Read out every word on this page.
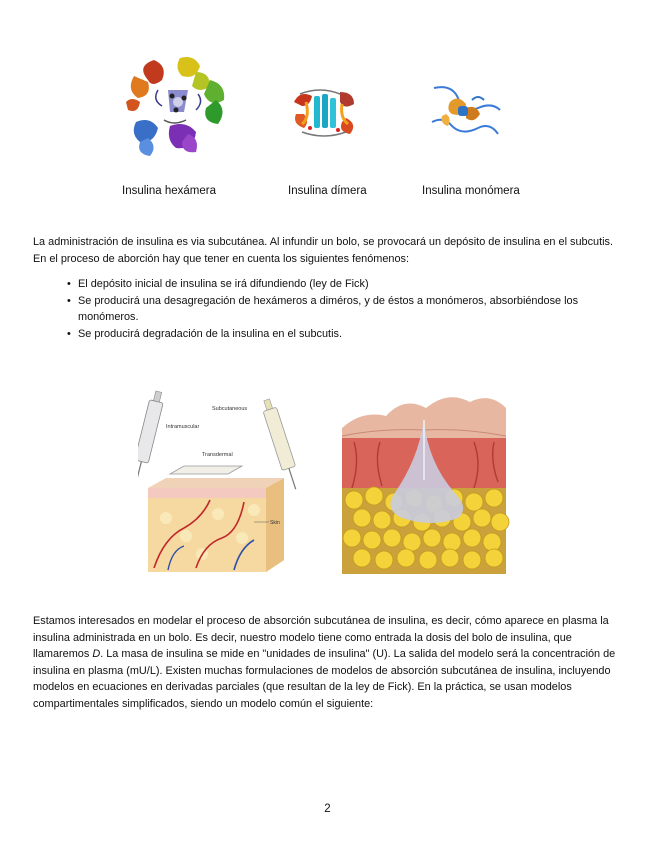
Insulina hexámera	Insulina dímera	Insulina monómera

La administración de insulina es via subcutánea. Al infundir un bolo, se provocará un depósito de insulina en el subcutis. En el proceso de aborción hay que tener en cuenta los siguientes fenómenos:

• El depósito inicial de insulina se irá difundiendo (ley de Fick)
• Se producirá una desagregación de hexámeros a diméros, y de éstos a monómeros, absorbiéndose los monómeros.
• Se producirá degradación de la insulina en el subcutis.
Subcutaneous
Intramuscular
Transdermal
Skin

Estamos interesados en modelar el proceso de absorción subcutánea de insulina, es decir, cómo aparece en plasma la insulina administrada en un bolo. Es decir, nuestro modelo tiene como entrada la dosis del bolo de insulina, que llamaremos D. La masa de insulina se mide en "unidades de insulina" (U). La salida del modelo será la concentración de insulina en plasma (mU/L). Existen muchas formulaciones de modelos de absorción subcutánea de insulina, incluyendo modelos en ecuaciones en derivadas parciales (que resultan de la ley de Fick). En la práctica, se usan modelos compartimentales simplificados, siendo un modelo común el siguiente:

2
